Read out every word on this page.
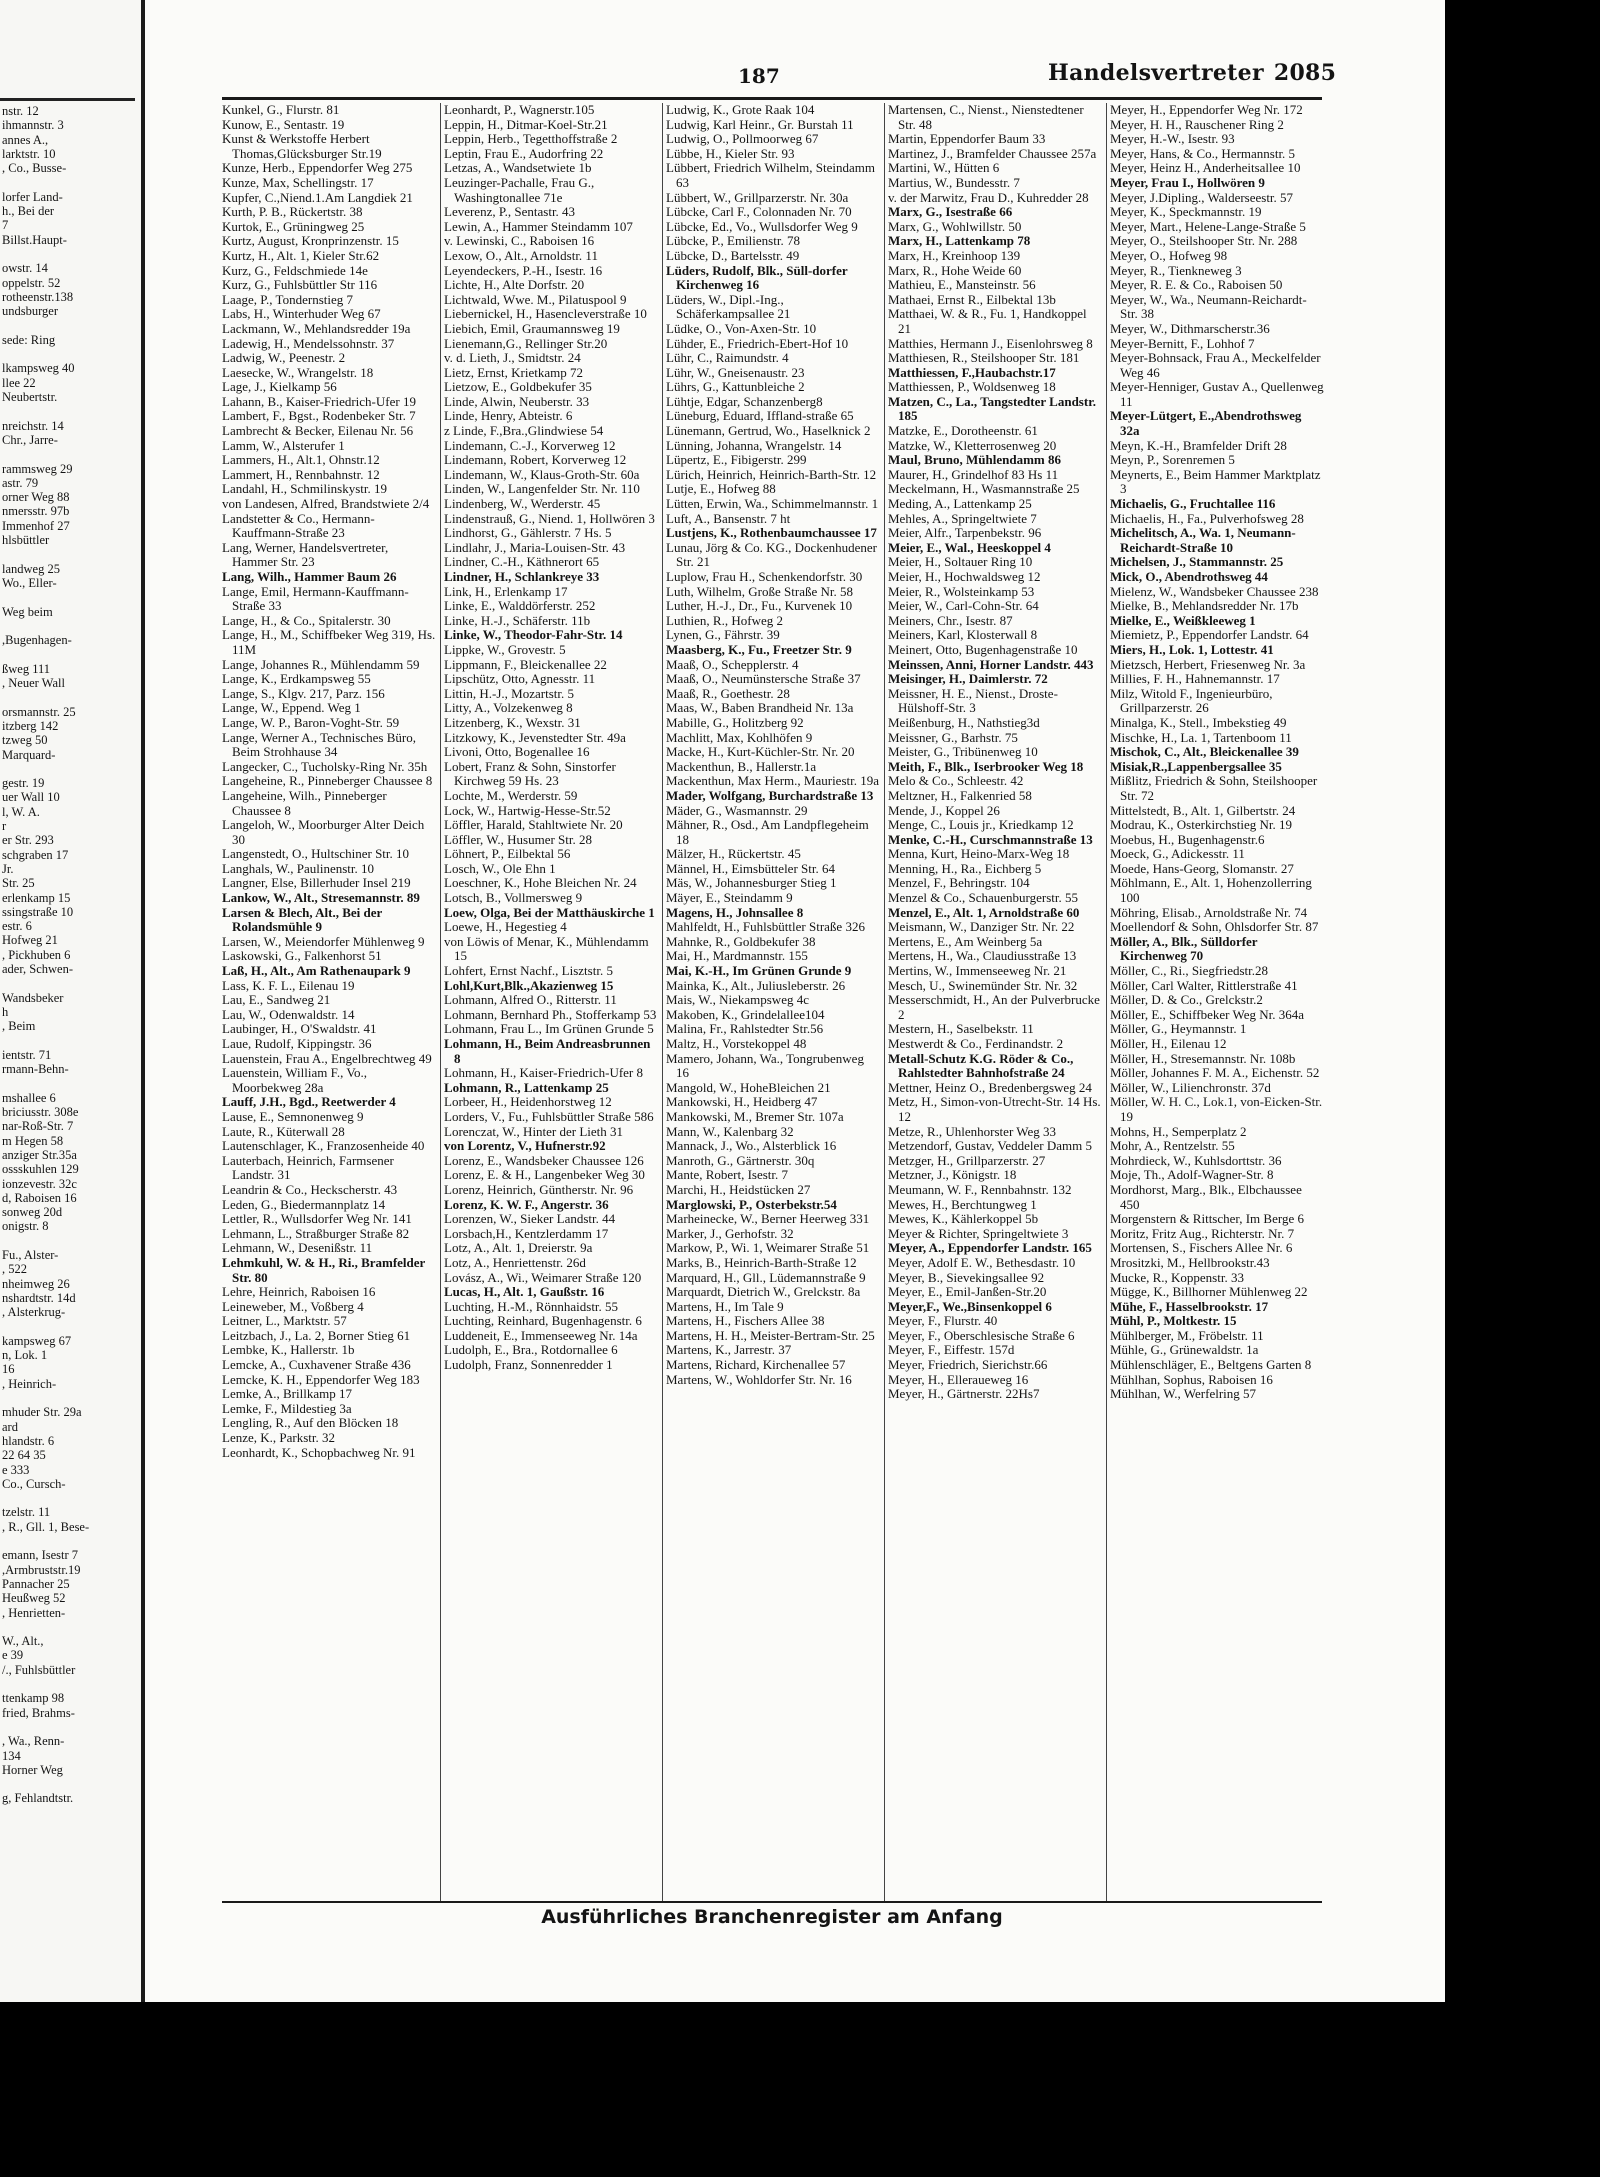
nstr. 12
ihmannstr. 3
annes A.,
larktstr. 10
, Co., Busse-
lorfer Land-
h., Bei der
7
Billst.Haupt-
owstr. 14
oppelstr. 52
rotheenstr.138
undsburger
sede: Ring
lkampsweg 40
llee 22
Neubertstr.
nreichstr. 14
Chr., Jarre-
rammsweg 29
astr. 79
orner Weg 88
nmersstr. 97b
Immenhof 27
hlsbüttler
landweg 25
Wo., Eller-
Weg beim
,Bugenhagen-
ßweg 111
, Neuer Wall
orsmannstr. 25
itzberg 142
tzweg 50
Marquard-
gestr. 19
uer Wall 10
l, W. A.
r
er Str. 293
schgraben 17
Jr.
Str. 25
erlenkamp 15
ssingstraße 10
estr. 6
Hofweg 21
, Pickhuben 6
ader, Schwen-
Wandsbeker
h
, Beim
ientstr. 71
rmann-Behn-
mshallee 6
briciusstr. 308e
nar-Roß-Str. 7
m Hegen 58
anziger Str.35a
ossskuhlen 129
ionzevestr. 32c
d, Raboisen 16
sonweg 20d
onigstr. 8
Fu., Alster-
, 522
nheimweg 26
nshardtstr. 14d
, Alsterkrug-
kampsweg 67
n, Lok. 1
16
, Heinrich-
mhuder Str. 29a
ard
hlandstr. 6
22 64 35
e 333
Co., Cursch-
tzelstr. 11
, R., Gll. 1, Bese-
emann, Isestr 7
,Armbruststr.19
Pannacher 25
Heußweg 52
, Henrietten-
W., Alt.,
e 39
/., Fuhlsbüttler
ttenkamp 98
fried, Brahms-
, Wa., Renn-
134
Horner Weg
g, Fehlandtstr.
187	Handelsvertreter 2085
Kunkel, G., Flurstr. 81
Kunow, E., Sentastr. 19
Kunst & Werkstoffe Herbert Thomas,Glücksburger Str.19
Kunze, Herb., Eppendorfer Weg 275
Kunze, Max, Schellingstr. 17
Kupfer, C.,Niend.1.Am Langdiek 21
Kurth, P. B., Rückertstr. 38
Kurtok, E., Grüningweg 25
Kurtz, August, Kronprinzenstr. 15
Kurtz, H., Alt. 1, Kieler Str.62
Kurz, G., Feldschmiede 14e
Kurz, G., Fuhlsbüttler Str 116
Laage, P., Tondernstieg 7
Labs, H., Winterhuder Weg 67
Lackmann, W., Mehlandsredder 19a
Ladewig, H., Mendelssohnstr. 37
Ladwig, W., Peenestr. 2
Laesecke, W., Wrangelstr. 18
Lage, J., Kielkamp 56
Lahann, B., Kaiser-Friedrich-Ufer 19
Lambert, F., Bgst., Rodenbeker Str. 7
Lambrecht & Becker, Eilenau Nr. 56
Lamm, W., Alsterufer 1
Lammers, H., Alt.1, Ohnstr.12
Lammert, H., Rennbahnstr. 12
Landahl, H., Schmilinskystr. 19
von Landesen, Alfred, Brandstwiete 2/4
Landstetter & Co., Hermann-Kauffmann-Straße 23
Lang, Werner, Handelsvertreter, Hammer Str. 23
Lang, Wilh., Hammer Baum 26
Lange, Emil, Hermann-Kauffmann-Straße 33
Lange, H., & Co., Spitalerstr. 30
Lange, H., M., Schiffbeker Weg 319, Hs. 11M
Lange, Johannes R., Mühlendamm 59
Lange, K., Erdkampsweg 55
Lange, S., Klgv. 217, Parz. 156
Lange, W., Eppend. Weg 1
Lange, W. P., Baron-Voght-Str. 59
Lange, Werner A., Technisches Büro, Beim Strohhause 34
Langecker, C., Tucholsky-Ring Nr. 35h
Langeheine, R., Pinneberger Chaussee 8
Langeheine, Wilh., Pinneberger Chaussee 8
Langeloh, W., Moorburger Alter Deich 30
Langenstedt, O., Hultschiner Str. 10
Langhals, W., Paulinenstr. 10
Langner, Else, Billerhuder Insel 219
Lankow, W., Alt., Stresemannstr. 89
Larsen & Blech, Alt., Bei der Rolandsmühle 9
Larsen, W., Meiendorfer Mühlenweg 9
Laskowski, G., Falkenhorst 51
Laß, H., Alt., Am Rathenaupark 9
Lass, K. F. L., Eilenau 19
Lau, E., Sandweg 21
Lau, W., Odenwaldstr. 14
Laubinger, H., O'Swaldstr. 41
Laue, Rudolf, Kippingstr. 36
Lauenstein, Frau A., Engelbrechtweg 49
Lauenstein, William F., Vo., Moorbekweg 28a
Lauff, J.H., Bgd., Reetwerder 4
Lause, E., Semnonenweg 9
Laute, R., Küterwall 28
Lautenschlager, K., Franzosenheide 40
Lauterbach, Heinrich, Farmsener Landstr. 31
Leandrin & Co., Heckscherstr. 43
Leden, G., Biedermannplatz 14
Lettler, R., Wullsdorfer Weg Nr. 141
Lehmann, L., Straßburger Straße 82
Lehmann, W., Desenißstr. 11
Lehmkuhl, W. & H., Ri., Bramfelder Str. 80
Lehre, Heinrich, Raboisen 16
Leineweber, M., Voßberg 4
Leitner, L., Marktstr. 57
Leitzbach, J., La. 2, Borner Stieg 61
Lembke, K., Hallerstr. 1b
Lemcke, A., Cuxhavener Straße 436
Lemcke, K. H., Eppendorfer Weg 183
Lemke, A., Brillkamp 17
Lemke, F., Mildestieg 3a
Lengling, R., Auf den Blöcken 18
Lenze, K., Parkstr. 32
Leonhardt, K., Schopbachweg Nr. 91
Leonhardt, P., Wagnerstr.105
Leppin, H., Ditmar-Koel-Str.21
Leppin, Herb., Tegetthoffstraße 2
Leptin, Frau E., Audorfring 22
Letzas, A., Wandsetwiete 1b
Leuzinger-Pachalle, Frau G., Washingtonallee 71e
Leverenz, P., Sentastr. 43
Lewin, A., Hammer Steindamm 107
v. Lewinski, C., Raboisen 16
Lexow, O., Alt., Arnoldstr. 11
Leyendeckers, P.-H., Isestr. 16
Lichte, H., Alte Dorfstr. 20
Lichtwald, Wwe. M., Pilatuspool 9
Liebernickel, H., Hasencleverstraße 10
Liebich, Emil, Graumannsweg 19
Lienemann,G., Rellinger Str.20
v. d. Lieth, J., Smidtstr. 24
Lietz, Ernst, Krietkamp 72
Lietzow, E., Goldbekufer 35
Linde, Alwin, Neuberstr. 33
Linde, Henry, Abteistr. 6
z Linde, F.,Bra.,Glindwiese 54
Lindemann, C.-J., Korverweg 12
Lindemann, Robert, Korverweg 12
Lindemann, W., Klaus-Groth-Str. 60a
Linden, W., Langenfelder Str. Nr. 110
Lindenberg, W., Werderstr. 45
Lindenstrauß, G., Niend. 1, Hollwören 3
Lindhorst, G., Gählerstr. 7 Hs. 5
Lindlahr, J., Maria-Louisen-Str. 43
Lindner, C.-H., Käthnerort 65
Lindner, H., Schlankreye 33
Link, H., Erlenkamp 17
Linke, E., Walddörferstr. 252
Linke, H.-J., Schäferstr. 11b
Linke, W., Theodor-Fahr-Str. 14
Lippke, W., Grovestr. 5
Lippmann, F., Bleickenallee 22
Lipschütz, Otto, Agnesstr. 11
Littin, H.-J., Mozartstr. 5
Litty, A., Volzekenweg 8
Litzenberg, K., Wexstr. 31
Litzkowy, K., Jevenstedter Str. 49a
Livoni, Otto, Bogenallee 16
Lobert, Franz & Sohn, Sinstorfer Kirchweg 59 Hs. 23
Lochte, M., Werderstr. 59
Lock, W., Hartwig-Hesse-Str.52
Löffler, Harald, Stahltwiete Nr. 20
Löffler, W., Husumer Str. 28
Löhnert, P., Eilbektal 56
Losch, W., Ole Ehn 1
Loeschner, K., Hohe Bleichen Nr. 24
Lotsch, B., Vollmersweg 9
Loew, Olga, Bei der Matthäuskirche 1
Loewe, H., Hegestieg 4
von Löwis of Menar, K., Mühlendamm 15
Lohfert, Ernst Nachf., Lisztstr. 5
Lohl,Kurt,Blk.,Akazienweg 15
Lohmann, Alfred O., Ritterstr. 11
Lohmann, Bernhard Ph., Stofferkamp 53
Lohmann, Frau L., Im Grünen Grunde 5
Lohmann, H., Beim Andreasbrunnen 8
Lohmann, H., Kaiser-Friedrich-Ufer 8
Lohmann, R., Lattenkamp 25
Lorbeer, H., Heidenhorstweg 12
Lorders, V., Fu., Fuhlsbüttler Straße 586
Lorenczat, W., Hinter der Lieth 31
von Lorentz, V., Hufnerstr.92
Lorenz, E., Wandsbeker Chaussee 126
Lorenz, E. & H., Langenbeker Weg 30
Lorenz, Heinrich, Güntherstr. Nr. 96
Lorenz, K. W. F., Angerstr. 36
Lorenzen, W., Sieker Landstr. 44
Lorsbach,H., Kentzlerdamm 17
Lotz, A., Alt. 1, Dreierstr. 9a
Lotz, A., Henriettenstr. 26d
Lovász, A., Wi., Weimarer Straße 120
Lucas, H., Alt. 1, Gaußstr. 16
Luchting, H.-M., Rönnhaidstr. 55
Luchting, Reinhard, Bugenhagenstr. 6
Luddeneit, E., Immenseeweg Nr. 14a
Ludolph, E., Bra., Rotdornallee 6
Ludolph, Franz, Sonnenredder 1
Ludwig, K., Grote Raak 104
Ludwig, Karl Heinr., Gr. Burstah 11
Ludwig, O., Pollmoorweg 67
Lübbe, H., Kieler Str. 93
Lübbert, Friedrich Wilhelm, Steindamm 63
Lübbert, W., Grillparzerstr. Nr. 30a
Lübcke, Carl F., Colonnaden Nr. 70
Lübcke, Ed., Vo., Wullsdorfer Weg 9
Lübcke, P., Emilienstr. 78
Lübcke, D., Bartelsstr. 49
Lüders, Rudolf, Blk., Süll-dorfer Kirchenweg 16
Lüders, W., Dipl.-Ing., Schäferkampsallee 21
Lüdke, O., Von-Axen-Str. 10
Lühder, E., Friedrich-Ebert-Hof 10
Lühr, C., Raimundstr. 4
Lühr, W., Gneisenaustr. 23
Lührs, G., Kattunbleiche 2
Lühtje, Edgar, Schanzenberg8
Lüneburg, Eduard, Iffland-straße 65
Lünemann, Gertrud, Wo., Haselknick 2
Lünning, Johanna, Wrangelstr. 14
Lüpertz, E., Fibigerstr. 299
Lürich, Heinrich, Heinrich-Barth-Str. 12
Lutje, E., Hofweg 88
Lütten, Erwin, Wa., Schimmelmannstr. 1
Luft, A., Bansenstr. 7 ht
Lustjens, K., Rothenbaumchaussee 17
Lunau, Jörg & Co. KG., Dockenhudener Str. 21
Luplow, Frau H., Schenkendorfstr. 30
Luth, Wilhelm, Große Straße Nr. 58
Luther, H.-J., Dr., Fu., Kurvenek 10
Luthien, R., Hofweg 2
Lynen, G., Fährstr. 39
Maasberg, K., Fu., Freetzer Str. 9
Maaß, O., Schepplerstr. 4
Maaß, O., Neumünstersche Straße 37
Maaß, R., Goethestr. 28
Maas, W., Baben Brandheid Nr. 13a
Mabille, G., Holitzberg 92
Machlitt, Max, Kohlhöfen 9
Macke, H., Kurt-Küchler-Str. Nr. 20
Mackenthun, B., Hallerstr.1a
Mackenthun, Max Herm., Mauriestr. 19a
Mader, Wolfgang, Burchardstraße 13
Mäder, G., Wasmannstr. 29
Mähner, R., Osd., Am Landpflegeheim 18
Mälzer, H., Rückertstr. 45
Männel, H., Eimsbütteler Str. 64
Mäs, W., Johannesburger Stieg 1
Mäyer, E., Steindamm 9
Magens, H., Johnsallee 8
Mahlfeldt, H., Fuhlsbüttler Straße 326
Mahnke, R., Goldbekufer 38
Mai, H., Mardmannstr. 155
Mai, K.-H., Im Grünen Grunde 9
Mainka, K., Alt., Juliusleberstr. 26
Mais, W., Niekampsweg 4c
Makoben, K., Grindelallee104
Malina, Fr., Rahlstedter Str.56
Maltz, H., Vorstekoppel 48
Mamero, Johann, Wa., Tongrubenweg 16
Mangold, W., HoheBleichen 21
Mankowski, H., Heidberg 47
Mankowski, M., Bremer Str. 107a
Mann, W., Kalenbarg 32
Mannack, J., Wo., Alsterblick 16
Manroth, G., Gärtnerstr. 30q
Mante, Robert, Isestr. 7
Marchi, H., Heidstücken 27
Marglowski, P., Osterbekstr.54
Marheinecke, W., Berner Heerweg 331
Marker, J., Gerhofstr. 32
Markow, P., Wi. 1, Weimarer Straße 51
Marks, B., Heinrich-Barth-Straße 12
Marquard, H., Gll., Lüdemannstraße 9
Marquardt, Dietrich W., Grelckstr. 8a
Martens, H., Im Tale 9
Martens, H., Fischers Allee 38
Martens, H. H., Meister-Bertram-Str. 25
Martens, K., Jarrestr. 37
Martens, Richard, Kirchenallee 57
Martens, W., Wohldorfer Str. Nr. 16
Martensen, C., Nienst., Nienstedtener Str. 48
Martin, Eppendorfer Baum 33
Martinez, J., Bramfelder Chaussee 257a
Martini, W., Hütten 6
Martius, W., Bundesstr. 7
v. der Marwitz, Frau D., Kuhredder 28
Marx, G., Isestraße 66
Marx, G., Wohlwillstr. 50
Marx, H., Lattenkamp 78
Marx, H., Kreinhoop 139
Marx, R., Hohe Weide 60
Mathieu, E., Mansteinstr. 56
Mathaei, Ernst R., Eilbektal 13b
Matthaei, W. & R., Fu. 1, Handkoppel 21
Matthies, Hermann J., Eisenlohrsweg 8
Matthiesen, R., Steilshooper Str. 181
Matthiessen, F.,Haubachstr.17
Matthiessen, P., Woldsenweg 18
Matzen, C., La., Tangstedter Landstr. 185
Matzke, E., Dorotheenstr. 61
Matzke, W., Kletterrosenweg 20
Maul, Bruno, Mühlendamm 86
Maurer, H., Grindelhof 83 Hs 11
Meckelmann, H., Wasmannstraße 25
Meding, A., Lattenkamp 25
Mehles, A., Springeltwiete 7
Meier, Alfr., Tarpenbekstr. 96
Meier, E., Wal., Heeskoppel 4
Meier, H., Soltauer Ring 10
Meier, H., Hochwaldsweg 12
Meier, R., Wolsteinkamp 53
Meier, W., Carl-Cohn-Str. 64
Meiners, Chr., Isestr. 87
Meiners, Karl, Klosterwall 8
Meinert, Otto, Bugenhagenstraße 10
Meinssen, Anni, Horner Landstr. 443
Meisinger, H., Daimlerstr. 72
Meissner, H. E., Nienst., Droste-Hülshoff-Str. 3
Meißenburg, H., Nathstieg3d
Meissner, G., Barhstr. 75
Meister, G., Tribünenweg 10
Meith, F., Blk., Iserbrooker Weg 18
Melo & Co., Schleestr. 42
Meltzner, H., Falkenried 58
Mende, J., Koppel 26
Menge, C., Louis jr., Kriedkamp 12
Menke, C.-H., Curschmannstraße 13
Menna, Kurt, Heino-Marx-Weg 18
Menning, H., Ra., Eichberg 5
Menzel, F., Behringstr. 104
Menzel & Co., Schauenburgerstr. 55
Menzel, E., Alt. 1, Arnoldstraße 60
Meismann, W., Danziger Str. Nr. 22
Mertens, E., Am Weinberg 5a
Mertens, H., Wa., Claudiusstraße 13
Mertins, W., Immenseeweg Nr. 21
Mesch, U., Swinemünder Str. Nr. 32
Messerschmidt, H., An der Pulverbrucke 2
Mestern, H., Saselbekstr. 11
Mestwerdt & Co., Ferdinandstr. 2
Metall-Schutz K.G. Röder & Co., Rahlstedter Bahnhofstraße 24
Mettner, Heinz O., Bredenbergsweg 24
Metz, H., Simon-von-Utrecht-Str. 14 Hs. 12
Metze, R., Uhlenhorster Weg 33
Metzendorf, Gustav, Veddeler Damm 5
Metzger, H., Grillparzerstr. 27
Metzner, J., Königstr. 18
Meumann, W. F., Rennbahnstr. 132
Mewes, H., Berchtungweg 1
Mewes, K., Kählerkoppel 5b
Meyer & Richter, Springeltwiete 3
Meyer, A., Eppendorfer Landstr. 165
Meyer, Adolf E. W., Bethesdastr. 10
Meyer, B., Sievekingsallee 92
Meyer, E., Emil-Janßen-Str.20
Meyer,F., We.,Binsenkoppel 6
Meyer, F., Flurstr. 40
Meyer, F., Oberschlesische Straße 6
Meyer, F., Eiffestr. 157d
Meyer, Friedrich, Sierichstr.66
Meyer, H., Elleraueweg 16
Meyer, H., Gärtnerstr. 22Hs7
Meyer, H., Eppendorfer Weg Nr. 172
Meyer, H. H., Rauschener Ring 2
Meyer, H.-W., Isestr. 93
Meyer, Hans, & Co., Hermannstr. 5
Meyer, Heinz H., Anderheitsallee 10
Meyer, Frau I., Hollwören 9
Meyer, J.Dipling., Walderseestr. 57
Meyer, K., Speckmannstr. 19
Meyer, Mart., Helene-Lange-Straße 5
Meyer, O., Steilshooper Str. Nr. 288
Meyer, O., Hofweg 98
Meyer, R., Tienkneweg 3
Meyer, R. E. & Co., Raboisen 50
Meyer, W., Wa., Neumann-Reichardt-Str. 38
Meyer, W., Dithmarscherstr.36
Meyer-Bernitt, F., Lohhof 7
Meyer-Bohnsack, Frau A., Meckelfelder Weg 46
Meyer-Henniger, Gustav A., Quellenweg 11
Meyer-Lütgert, E.,Abendrothsweg 32a
Meyn, K.-H., Bramfelder Drift 28
Meyn, P., Sorenremen 5
Meynerts, E., Beim Hammer Marktplatz 3
Michaelis, G., Fruchtallee 116
Michaelis, H., Fa., Pulverhofsweg 28
Michelitsch, A., Wa. 1, Neumann-Reichardt-Straße 10
Michelsen, J., Stammannstr. 25
Mick, O., Abendrothsweg 44
Mielenz, W., Wandsbeker Chaussee 238
Mielke, B., Mehlandsredder Nr. 17b
Mielke, E., Weißkleeweg 1
Miemietz, P., Eppendorfer Landstr. 64
Miers, H., Lok. 1, Lottestr. 41
Mietzsch, Herbert, Friesenweg Nr. 3a
Millies, F. H., Hahnemannstr. 17
Milz, Witold F., Ingenieurbüro, Grillparzerstr. 26
Minalga, K., Stell., Imbekstieg 49
Mischke, H., La. 1, Tartenboom 11
Mischok, C., Alt., Bleickenallee 39
Misiak,R.,Lappenbergsallee 35
Mißlitz, Friedrich & Sohn, Steilshooper Str. 72
Mittelstedt, B., Alt. 1, Gilbertstr. 24
Modrau, K., Osterkirchstieg Nr. 19
Moebus, H., Bugenhagenstr.6
Moeck, G., Adickesstr. 11
Moede, Hans-Georg, Slomanstr. 27
Möhlmann, E., Alt. 1, Hohenzollerring 100
Möhring, Elisab., Arnoldstraße Nr. 74
Moellendorf & Sohn, Ohlsdorfer Str. 87
Möller, A., Blk., Sülldorfer Kirchenweg 70
Möller, C., Ri., Siegfriedstr.28
Möller, Carl Walter, Rittlerstraße 41
Möller, D. & Co., Grelckstr.2
Möller, E., Schiffbeker Weg Nr. 364a
Möller, G., Heymannstr. 1
Möller, H., Eilenau 12
Möller, H., Stresemannstr. Nr. 108b
Möller, Johannes F. M. A., Eichenstr. 52
Möller, W., Lilienchronstr. 37d
Möller, W. H. C., Lok.1, von-Eicken-Str. 19
Mohns, H., Semperplatz 2
Mohr, A., Rentzelstr. 55
Mohrdieck, W., Kuhlsdorttstr. 36
Moje, Th., Adolf-Wagner-Str. 8
Mordhorst, Marg., Blk., Elbchaussee 450
Morgenstern & Rittscher, Im Berge 6
Moritz, Fritz Aug., Richterstr. Nr. 7
Mortensen, S., Fischers Allee Nr. 6
Mrositzki, M., Hellbrookstr.43
Mucke, R., Koppenstr. 33
Mügge, K., Billhorner Mühlenweg 22
Mühe, F., Hasselbrookstr. 17
Mühl, P., Moltkestr. 15
Mühlberger, M., Fröbelstr. 11
Mühle, G., Grünewaldstr. 1a
Mühlenschläger, E., Beltgens Garten 8
Mühlhan, Sophus, Raboisen 16
Mühlhan, W., Werfelring 57
Ausführliches Branchenregister am Anfang
